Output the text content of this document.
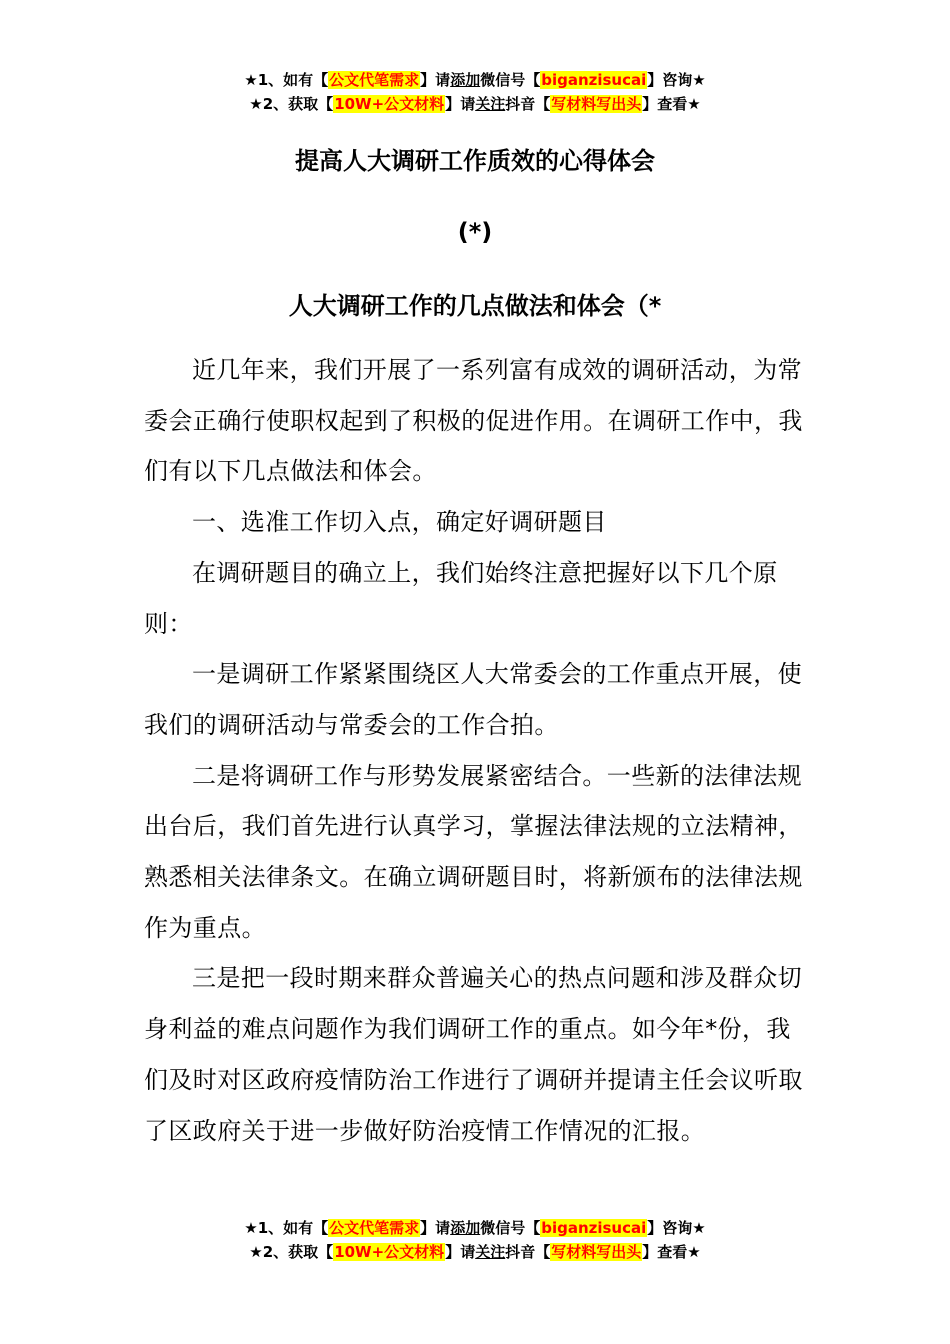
★1、如有【公文代笔需求】请添加微信号【biganzisucai】咨询★
★2、获取【10W+公文材料】请关注抖音【写材料写出头】查看★
提高人大调研工作质效的心得体会
(*)
人大调研工作的几点做法和体会（*

近几年来，我们开展了一系列富有成效的调研活动，为常委会正确行使职权起到了积极的促进作用。在调研工作中，我们有以下几点做法和体会。

一、选准工作切入点，确定好调研题目

在调研题目的确立上，我们始终注意把握好以下几个原则：

一是调研工作紧紧围绕区人大常委会的工作重点开展，使我们的调研活动与常委会的工作合拍。

二是将调研工作与形势发展紧密结合。一些新的法律法规出台后，我们首先进行认真学习，掌握法律法规的立法精神，熟悉相关法律条文。在确立调研题目时，将新颁布的法律法规作为重点。

三是把一段时期来群众普遍关心的热点问题和涉及群众切身利益的难点问题作为我们调研工作的重点。如今年*份，我们及时对区政府疫情防治工作进行了调研并提请主任会议听取了区政府关于进一步做好防治疫情工作情况的汇报。

★1、如有【公文代笔需求】请添加微信号【biganzisucai】咨询★
★2、获取【10W+公文材料】请关注抖音【写材料写出头】查看★
